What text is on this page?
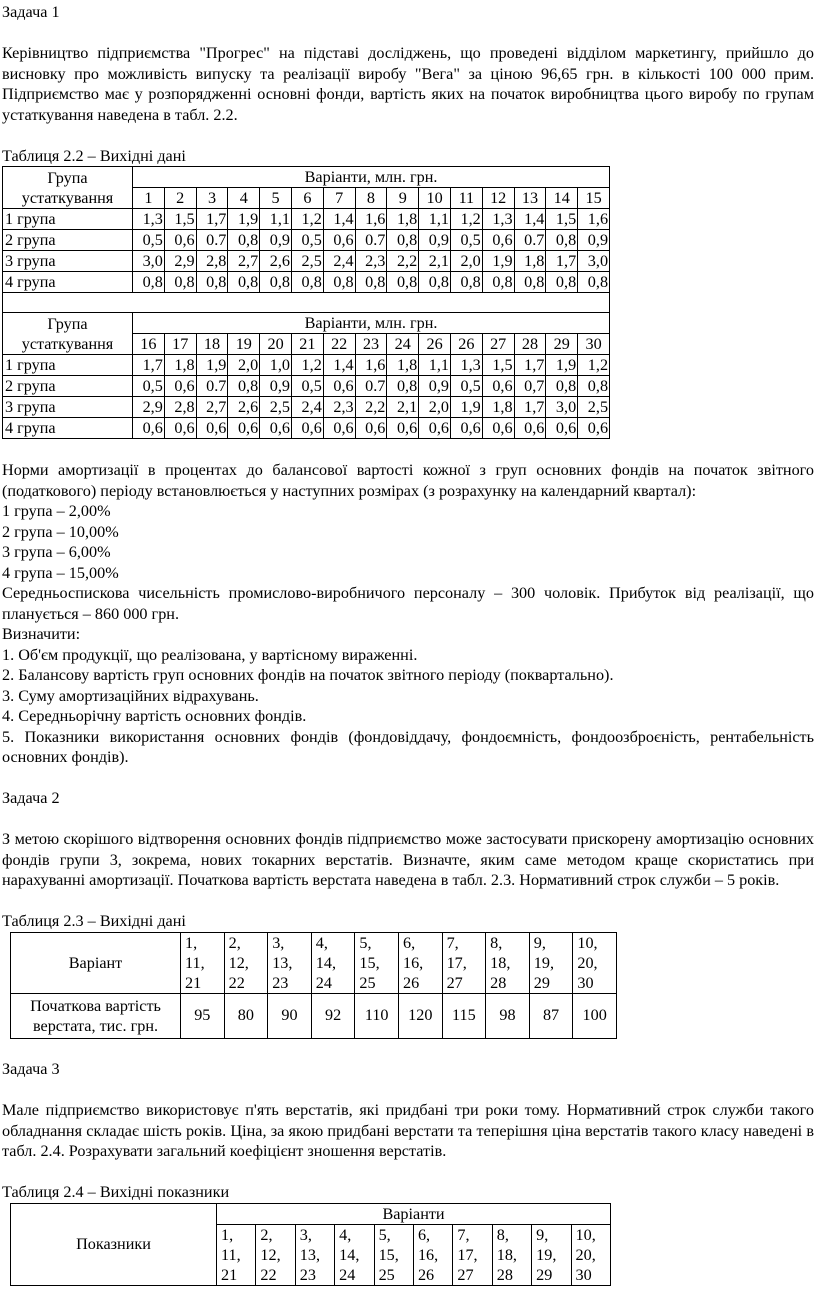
Задача 1

Керівництво підприємства "Прогрес" на підставі досліджень, що проведені відділом маркетингу, прийшло до висновку про можливість випуску та реалізації виробу "Вега" за ціною 96,65 грн. в кількості 100 000 прим. Підприємство має у розпорядженні основні фонди, вартість яких на початок виробництва цього виробу по групам устаткування наведена в табл. 2.2.

Таблиця 2.2 – Вихідні дані

Група устаткування	Варіанти, млн. грн.														
	1	2	3	4	5	6	7	8	9	10	11	12	13	14	15
1 група	1,3	1,5	1,7	1,9	1,1	1,2	1,4	1,6	1,8	1,1	1,2	1,3	1,4	1,5	1,6
2 група	0,5	0,6	0.7	0,8	0,9	0,5	0,6	0.7	0,8	0,9	0,5	0,6	0.7	0,8	0,9
3 група	3,0	2,9	2,8	2,7	2,6	2,5	2,4	2,3	2,2	2,1	2,0	1,9	1,8	1,7	3,0
4 група	0,8	0,8	0,8	0,8	0,8	0,8	0,8	0,8	0,8	0,8	0,8	0,8	0,8	0,8	0,8

Група устаткування	Варіанти, млн. грн.														
	16	17	18	19	20	21	22	23	24	26	26	27	28	29	30
1 група	1,7	1,8	1,9	2,0	1,0	1,2	1,4	1,6	1,8	1,1	1,3	1,5	1,7	1,9	1,2
2 група	0,5	0,6	0.7	0,8	0,9	0,5	0,6	0.7	0,8	0,9	0,5	0,6	0,7	0,8	0,8
3 група	2,9	2,8	2,7	2,6	2,5	2,4	2,3	2,2	2,1	2,0	1,9	1,8	1,7	3,0	2,5
4 група	0,6	0,6	0,6	0,6	0,6	0,6	0,6	0,6	0,6	0,6	0,6	0,6	0,6	0,6	0,6

Норми амортизації в процентах до балансової вартості кожної з груп основних фондів на початок звітного (податкового) періоду встановлюється у наступних розмірах (з розрахунку на календарний квартал):

1 група – 2,00%

2 група – 10,00%

3 група – 6,00%

4 група – 15,00%

Середньоспискова чисельність промислово-виробничого персоналу – 300 чоловік. Прибуток від реалізації, що планується – 860 000 грн.

Визначити:

1. Об'єм продукції, що реалізована, у вартісному вираженні.

2. Балансову вартість груп основних фондів на початок звітного періоду (поквартально).

3. Суму амортизаційних відрахувань.

4. Середньорічну вартість основних фондів.

5. Показники використання основних фондів (фондовіддачу, фондоємність, фондоозброєність, рентабельність основних фондів).

Задача 2

З метою скорішого відтворення основних фондів підприємство може застосувати прискорену амортизацію основних фондів групи 3, зокрема, нових токарних верстатів. Визначте, яким саме методом краще скористатись при нарахуванні амортизації. Початкова вартість верстата наведена в табл. 2.3. Нормативний строк служби – 5 років.

Таблиця 2.3 – Вихідні дані

Варіант	1,
11,
21	2,
12,
22	3,
13,
23	4,
14,
24	5,
15,
25	6,
16,
26	7,
17,
27	8,
18,
28	9,
19,
29	10,
20,
30

Початкова вартість верстата, тис. грн.	95	80	90	92	110	120	115	98	87	100

Задача 3

Мале підприємство використовує п'ять верстатів, які придбані три роки тому. Нормативний строк служби такого обладнання складає шість років. Ціна, за якою придбані верстати та теперішня ціна верстатів такого класу наведені в табл. 2.4. Розрахувати загальний коефіцієнт зношення верстатів.

Таблиця 2.4 – Вихідні показники

Показники	Варіанти									

	1,
11,
21	2,
12,
22	3,
13,
23	4,
14,
24	5,
15,
25	6,
16,
26	7,
17,
27	8,
18,
28	9,
19,
29	10,
20,
30
